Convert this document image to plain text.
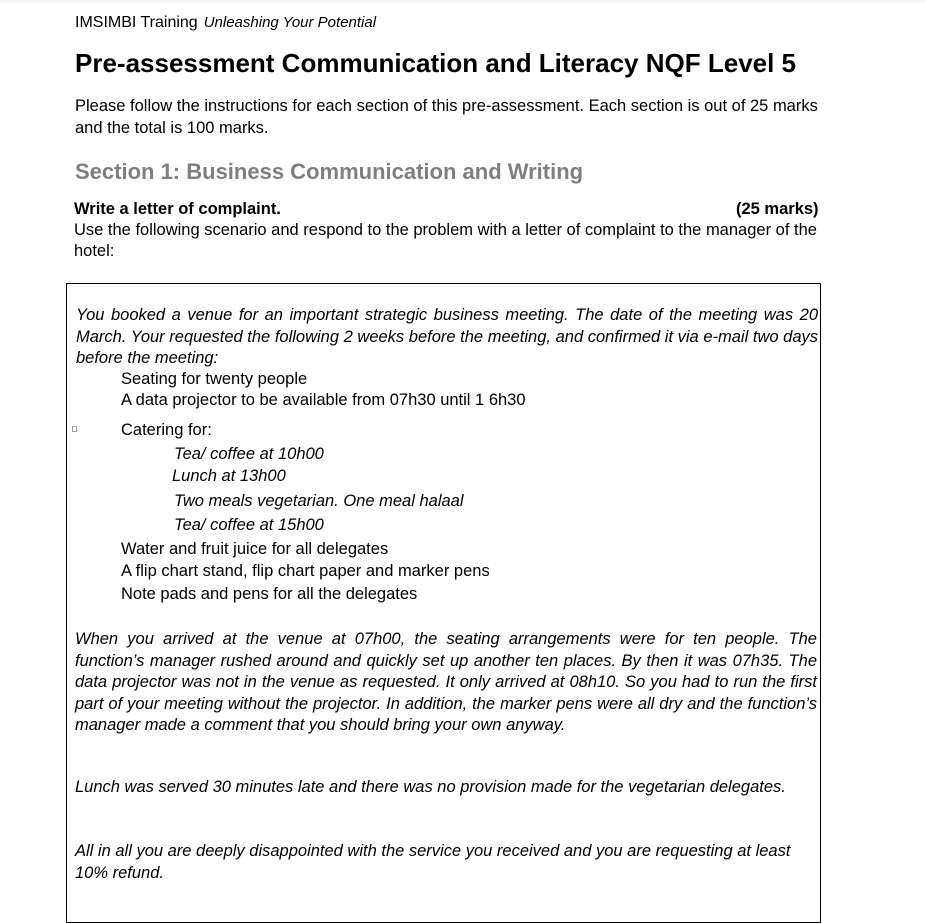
IMSIMBI Training Unleashing Your Potential
Pre-assessment Communication and Literacy NQF Level 5

Please follow the instructions for each section of this pre-assessment. Each section is out of 25 marks and the total is 100 marks.

Section 1: Business Communication and Writing
Write a letter of complaint.	(25 marks)

Use the following scenario and respond to the problem with a letter of complaint to the manager of the hotel:

You booked a venue for an important strategic business meeting. The date of the meeting was 20 March. Your requested the following 2 weeks before the meeting, and confirmed it via e-mail two days before the meeting:

Seating for twenty people
A data projector to be available from 07h30 until 1 6h30
Catering for:
Tea/ coffee at 10h00
Lunch at 13h00
Two meals vegetarian. One meal halaal
Tea/ coffee at 15h00
Water and fruit juice for all delegates
A flip chart stand, flip chart paper and marker pens
Note pads and pens for all the delegates

When you arrived at the venue at 07h00, the seating arrangements were for ten people. The function’s manager rushed around and quickly set up another ten places. By then it was 07h35. The data projector was not in the venue as requested. It only arrived at 08h10. So you had to run the first part of your meeting without the projector. In addition, the marker pens were all dry and the function’s manager made a comment that you should bring your own anyway.

Lunch was served 30 minutes late and there was no provision made for the vegetarian delegates.

All in all you are deeply disappointed with the service you received and you are requesting at least 10% refund.
